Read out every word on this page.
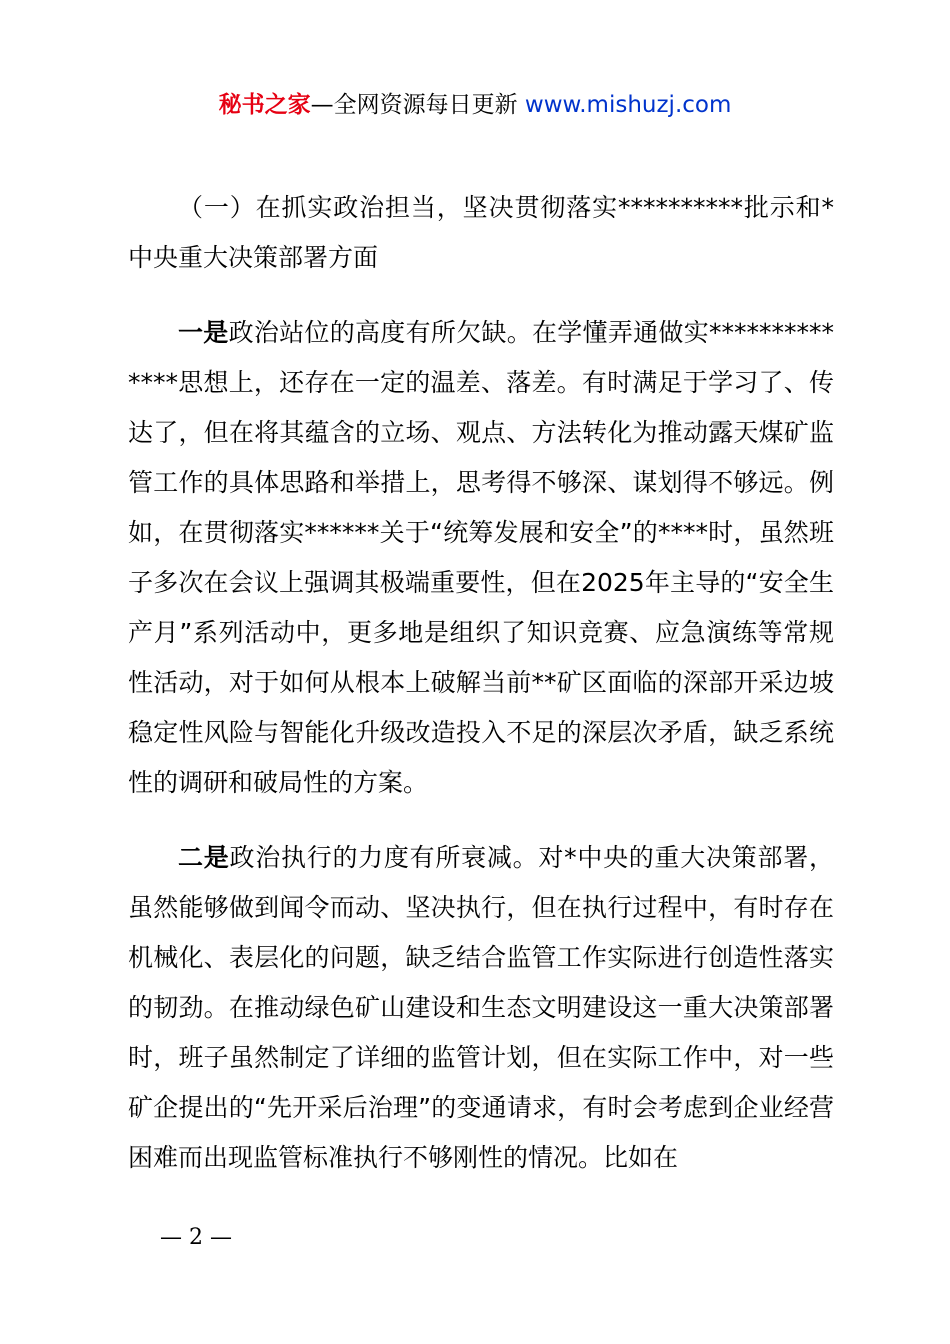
秘书之家—全网资源每日更新 www.mishuzj.com

（一）在抓实政治担当，坚决贯彻落实**********批示和*中央重大决策部署方面

一是政治站位的高度有所欠缺。在学懂弄通做实**************思想上，还存在一定的温差、落差。有时满足于学习了、传达了，但在将其蕴含的立场、观点、方法转化为推动露天煤矿监管工作的具体思路和举措上，思考得不够深、谋划得不够远。例如，在贯彻落实******关于“统筹发展和安全”的****时，虽然班子多次在会议上强调其极端重要性，但在2025年主导的“安全生产月”系列活动中，更多地是组织了知识竞赛、应急演练等常规性活动，对于如何从根本上破解当前**矿区面临的深部开采边坡稳定性风险与智能化升级改造投入不足的深层次矛盾，缺乏系统性的调研和破局性的方案。

二是政治执行的力度有所衰减。对*中央的重大决策部署，虽然能够做到闻令而动、坚决执行，但在执行过程中，有时存在机械化、表层化的问题，缺乏结合监管工作实际进行创造性落实的韧劲。在推动绿色矿山建设和生态文明建设这一重大决策部署时，班子虽然制定了详细的监管计划，但在实际工作中，对一些矿企提出的“先开采后治理”的变通请求，有时会考虑到企业经营困难而出现监管标准执行不够刚性的情况。比如在

— 2 —
